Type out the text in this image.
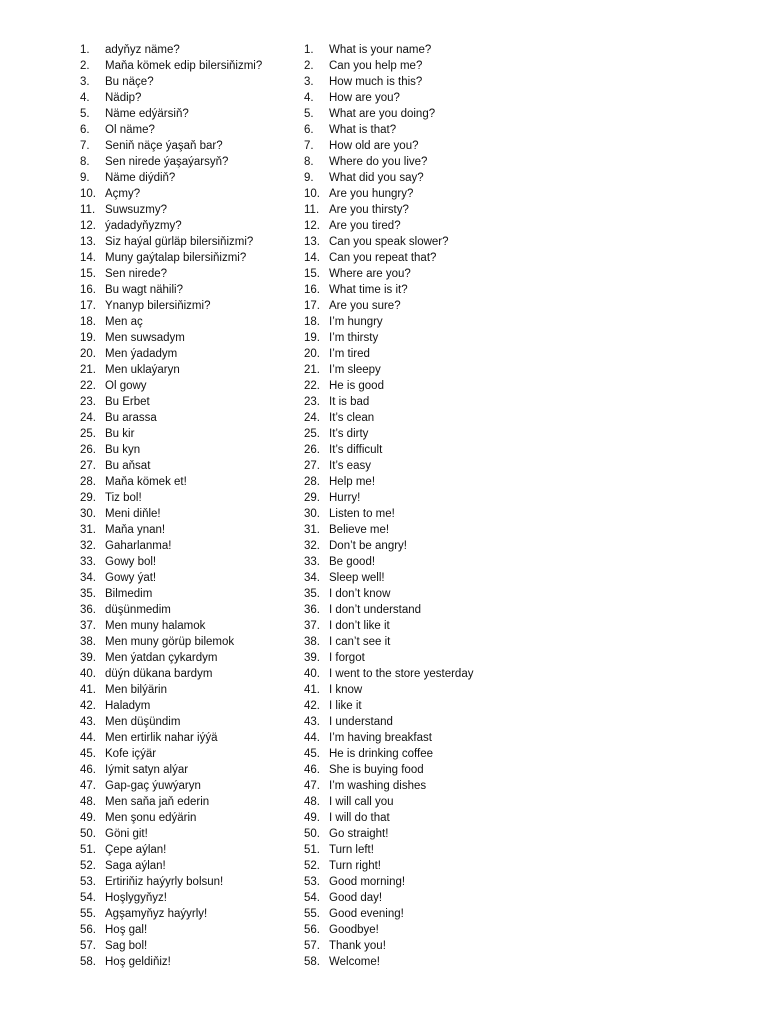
1.	adyňyz näme?
2.	Maňa kömek edip bilersiňizmi?
3.	Bu näçe?
4.	Nädip?
5.	Näme edýärsiň?
6.	Ol näme?
7.	Seniň näçe ýaşaň bar?
8.	Sen nirede ýaşaýarsyň?
9.	Näme diýdiň?
10. Açmy?
11. Suwsuzmy?
12. ýadadyňyzmy?
13. Siz haýal gürläp bilersiňizmi?
14. Muny gaýtalap bilersiňizmi?
15. Sen nirede?
16. Bu wagt nähili?
17. Ynanyp bilersiňizmi?
18. Men aç
19. Men suwsadym
20. Men ýadadym
21. Men uklaýaryn
22. Ol gowy
23. Bu Erbet
24. Bu arassa
25. Bu kir
26. Bu kyn
27. Bu aňsat
28. Maňa kömek et!
29. Tiz bol!
30. Meni diňle!
31. Maňa ynan!
32. Gaharlanma!
33. Gowy bol!
34. Gowy ýat!
35. Bilmedim
36. düşünmedim
37. Men muny halamok
38. Men muny görüp bilemok
39. Men ýatdan çykardym
40. düýn dükana bardym
41. Men bilýärin
42. Haladym
43. Men düşündim
44. Men ertirlik nahar iýýä
45. Kofe içýär
46. Iýmit satyn alýar
47. Gap-gaç ýuwýaryn
48. Men saňa jaň ederin
49. Men şonu edýärin
50. Göni git!
51. Çepe aýlan!
52. Saga aýlan!
53. Ertiriňiz haýyrly bolsun!
54. Hoşlygyňyz!
55. Agşamyňyz haýyrly!
56. Hoş gal!
57. Sag bol!
58. Hoş geldiňiz!
1.	What is your name?
2.	Can you help me?
3.	How much is this?
4.	How are you?
5.	What are you doing?
6.	What is that?
7.	How old are you?
8.	Where do you live?
9.	What did you say?
10. Are you hungry?
11. Are you thirsty?
12. Are you tired?
13. Can you speak slower?
14. Can you repeat that?
15. Where are you?
16. What time is it?
17. Are you sure?
18. I’m hungry
19. I’m thirsty
20. I’m tired
21. I’m sleepy
22. He is good
23. It is bad
24. It’s clean
25. It’s dirty
26. It’s difficult
27. It’s easy
28. Help me!
29. Hurry!
30. Listen to me!
31. Believe me!
32. Don’t be angry!
33. Be good!
34. Sleep well!
35. I don’t know
36. I don’t understand
37. I don’t like it
38. I can’t see it
39. I forgot
40. I went to the store yesterday
41. I know
42. I like it
43. I understand
44. I’m having breakfast
45. He is drinking coffee
46. She is buying food
47. I’m washing dishes
48. I will call you
49. I will do that
50. Go straight!
51. Turn left!
52. Turn right!
53. Good morning!
54. Good day!
55. Good evening!
56. Goodbye!
57. Thank you!
58. Welcome!
